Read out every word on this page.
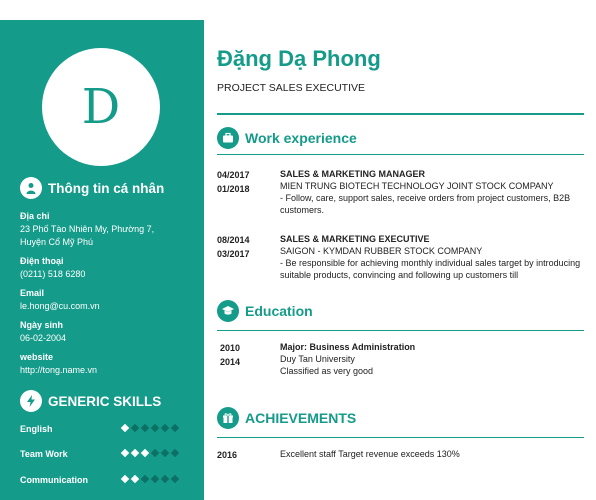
D
Thông tin cá nhân
Địa chỉ
23 Phố Tào Nhiên My, Phường 7,
Huyện Cổ Mỹ Phú
Điện thoại
(0211) 518 6280
Email
le.hong@cu.com.vn
Ngày sinh
06-02-2004
website
http://tong.name.vn
GENERIC SKILLS
English
Team Work
Communication
Đặng Dạ Phong
PROJECT SALES EXECUTIVE
Work experience
04/2017
01/2018
SALES & MARKETING MANAGER
MIEN TRUNG BIOTECH TECHNOLOGY JOINT STOCK COMPANY
- Follow, care, support sales, receive orders from project customers, B2B customers.
08/2014
03/2017
SALES & MARKETING EXECUTIVE
SAIGON - KYMDAN RUBBER STOCK COMPANY
- Be responsible for achieving monthly individual sales target by introducing suitable products, convincing and following up customers till
Education
2010
2014
Major: Business Administration
Duy Tan University
Classified as very good
ACHIEVEMENTS
2016	Excellent staff Target revenue exceeds 130%
